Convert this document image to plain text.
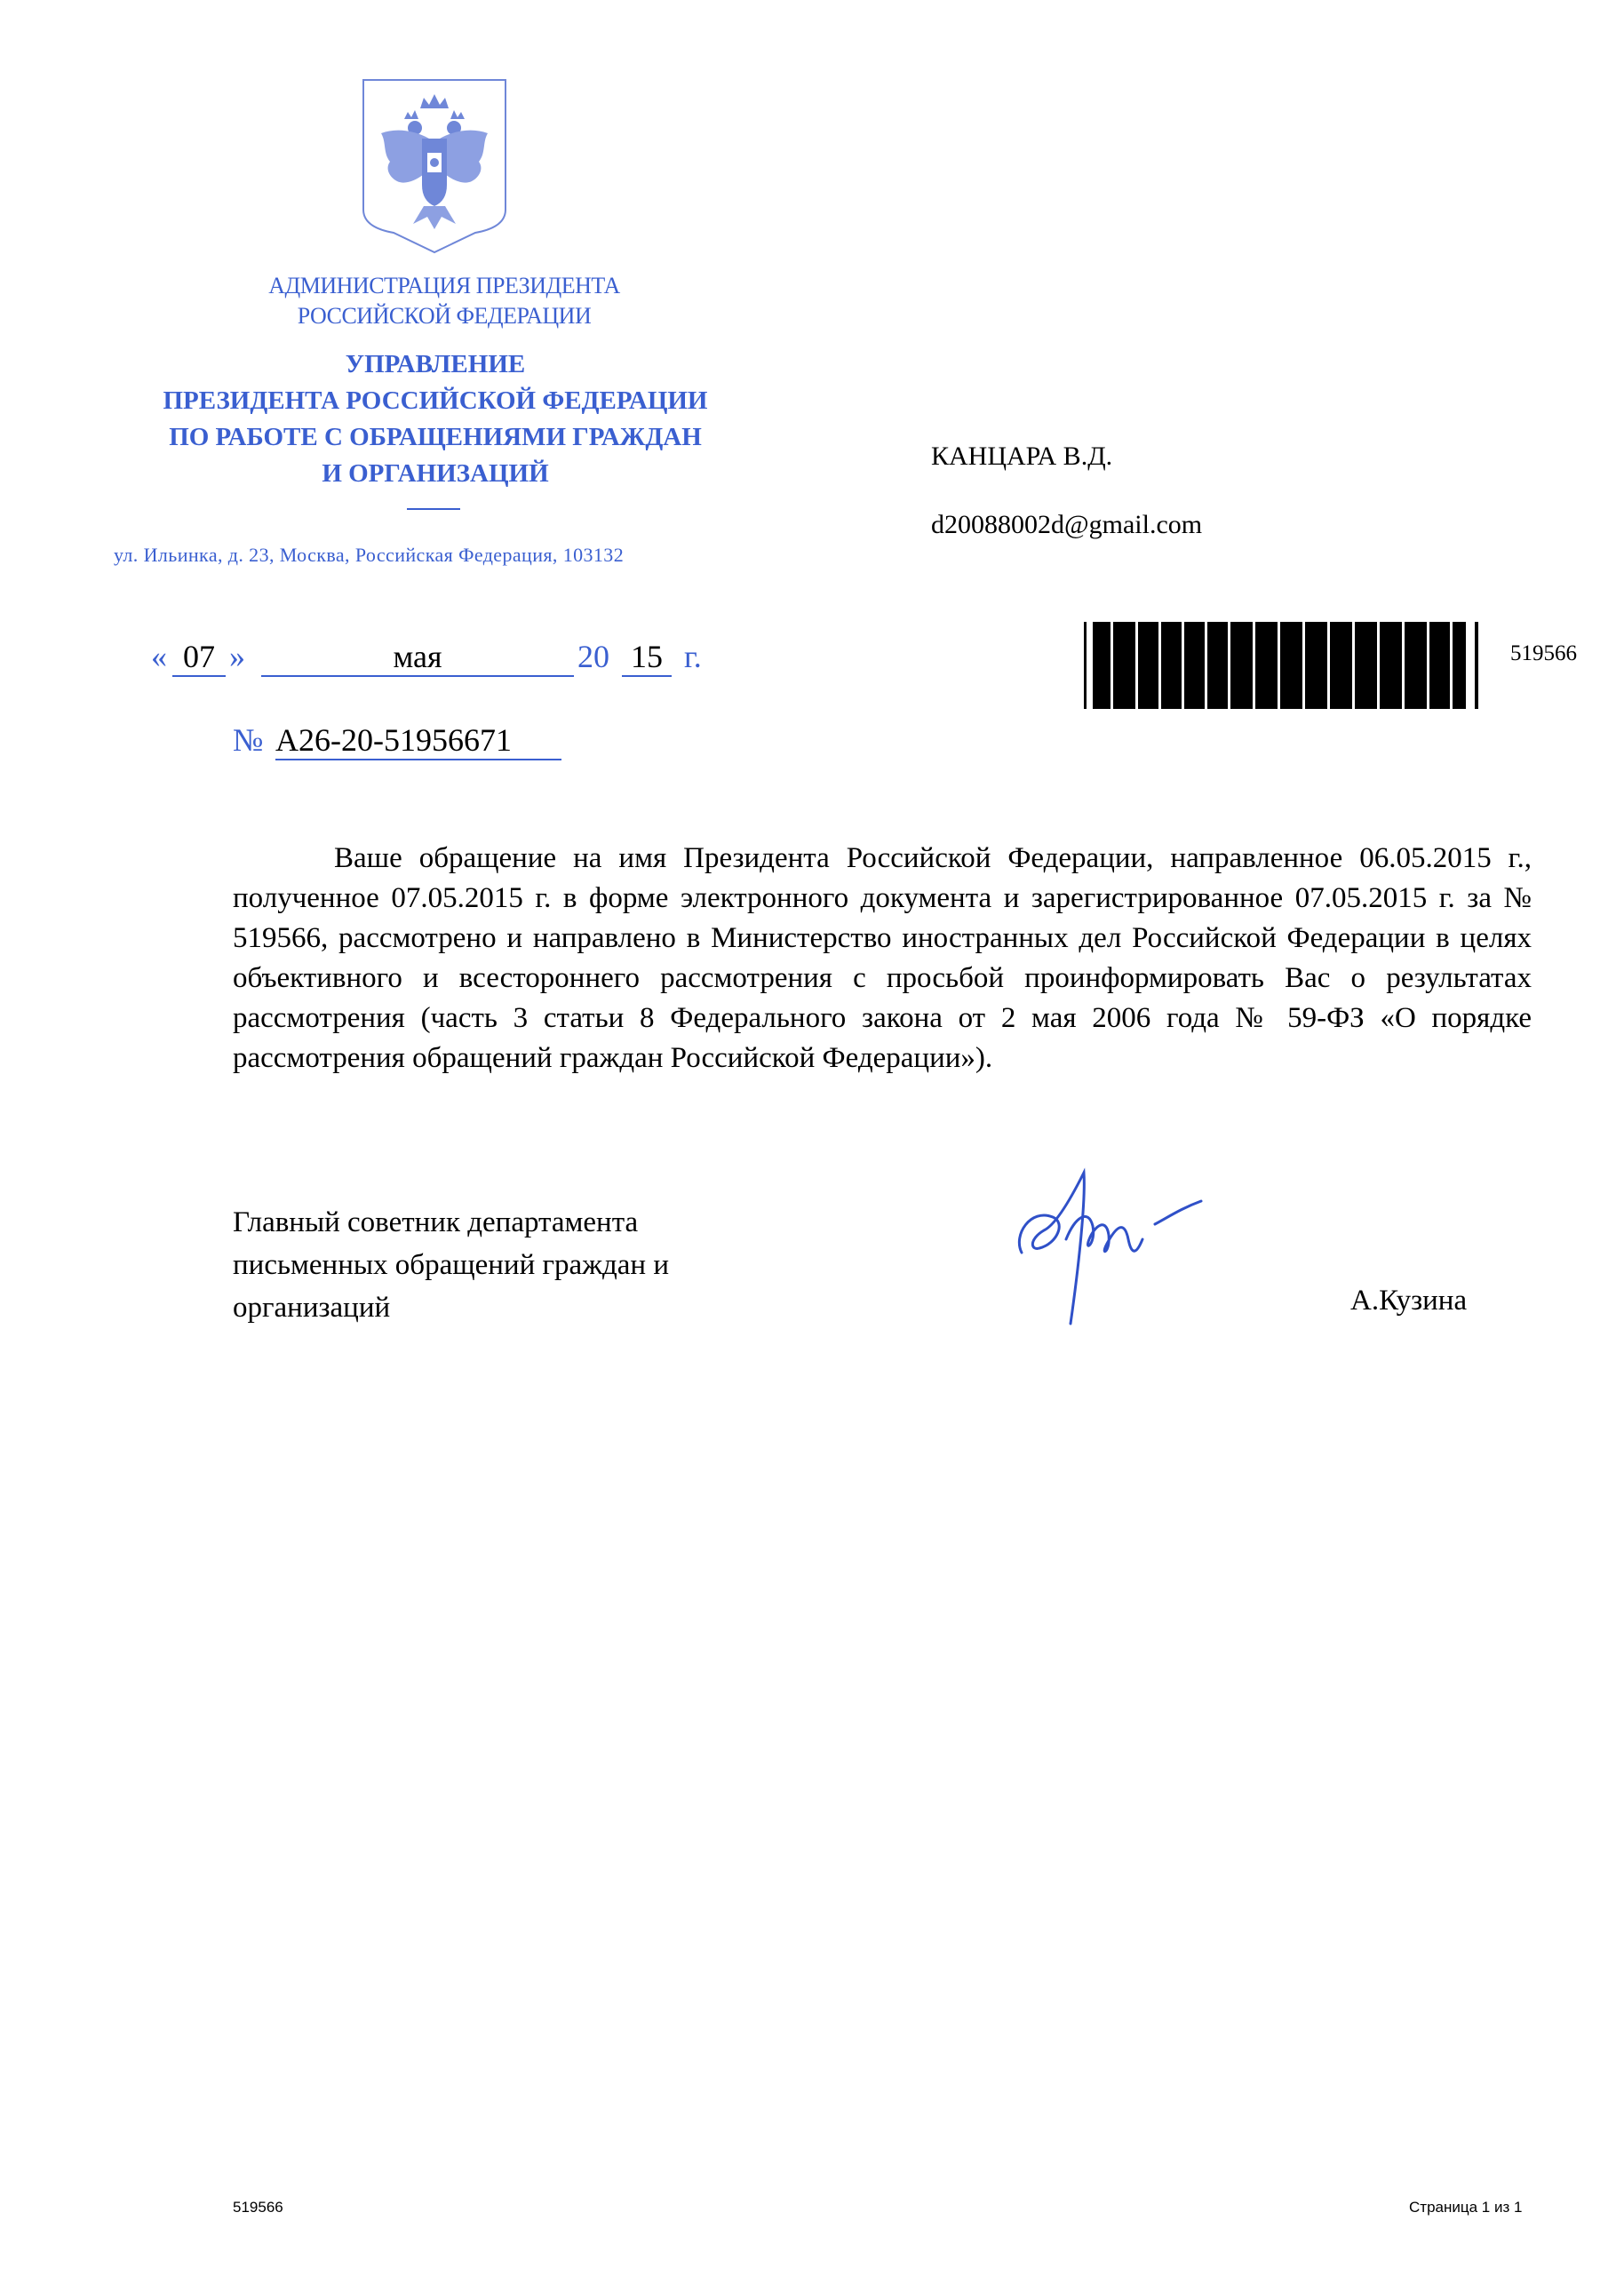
АДМИНИСТРАЦИЯ ПРЕЗИДЕНТА
РОССИЙСКОЙ ФЕДЕРАЦИИ
УПРАВЛЕНИЕ
ПРЕЗИДЕНТА РОССИЙСКОЙ ФЕДЕРАЦИИ
ПО РАБОТЕ С ОБРАЩЕНИЯМИ ГРАЖДАН
И ОРГАНИЗАЦИЙ
ул. Ильинка, д. 23, Москва, Российская Федерация, 103132
КАНЦАРА В.Д.
d20088002d@gmail.com
519566
« 07 »	мая	20 15 г.
№ А26-20-51956671

Ваше обращение на имя Президента Российской Федерации, направленное 06.05.2015 г., полученное 07.05.2015 г. в форме электронного документа и зарегистрированное 07.05.2015 г. за № 519566, рассмотрено и направлено в Министерство иностранных дел Российской Федерации в целях объективного и всестороннего рассмотрения с просьбой проинформировать Вас о результатах рассмотрения (часть 3 статьи 8 Федерального закона от 2 мая 2006 года № 59-ФЗ «О порядке рассмотрения обращений граждан Российской Федерации»).

Главный советник департамента
письменных обращений граждан и
организаций	А.Кузина
519566	Страница 1 из 1
